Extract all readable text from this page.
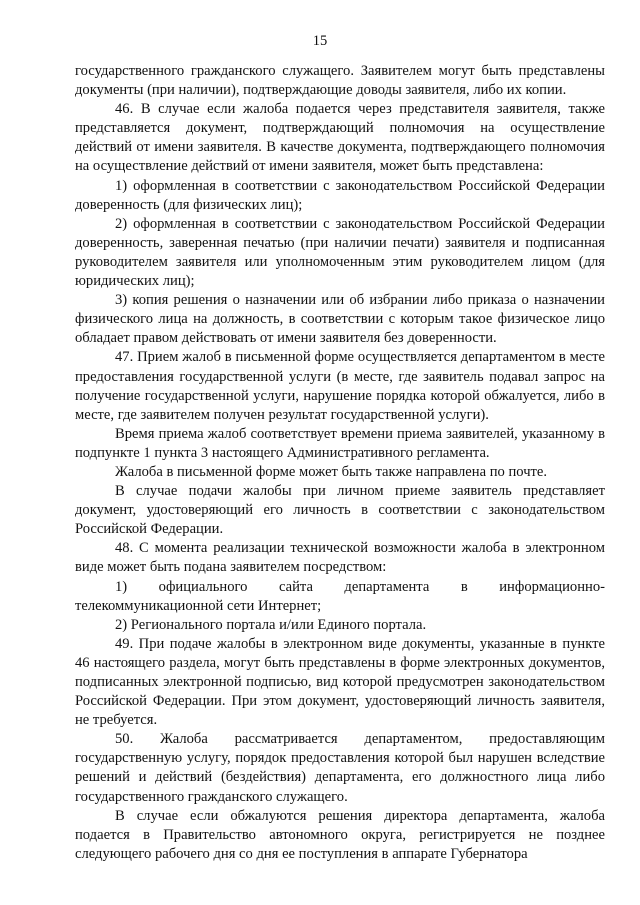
15

государственного гражданского служащего. Заявителем могут быть представлены документы (при наличии), подтверждающие доводы заявителя, либо их копии.

46. В случае если жалоба подается через представителя заявителя, также представляется документ, подтверждающий полномочия на осуществление действий от имени заявителя. В качестве документа, подтверждающего полномочия на осуществление действий от имени заявителя, может быть представлена:

1) оформленная в соответствии с законодательством Российской Федерации доверенность (для физических лиц);

2) оформленная в соответствии с законодательством Российской Федерации доверенность, заверенная печатью (при наличии печати) заявителя и подписанная руководителем заявителя или уполномоченным этим руководителем лицом (для юридических лиц);

3) копия решения о назначении или об избрании либо приказа о назначении физического лица на должность, в соответствии с которым такое физическое лицо обладает правом действовать от имени заявителя без доверенности.

47. Прием жалоб в письменной форме осуществляется департаментом в месте предоставления государственной услуги (в месте, где заявитель подавал запрос на получение государственной услуги, нарушение порядка которой обжалуется, либо в месте, где заявителем получен результат государственной услуги).

Время приема жалоб соответствует времени приема заявителей, указанному в подпункте 1 пункта 3 настоящего Административного регламента.

Жалоба в письменной форме может быть также направлена по почте.

В случае подачи жалобы при личном приеме заявитель представляет документ, удостоверяющий его личность в соответствии с законодательством Российской Федерации.

48. С момента реализации технической возможности жалоба в электронном виде может быть подана заявителем посредством:

1) официального сайта департамента в информационно-телекоммуникационной сети Интернет;

2) Регионального портала и/или Единого портала.

49. При подаче жалобы в электронном виде документы, указанные в пункте 46 настоящего раздела, могут быть представлены в форме электронных документов, подписанных электронной подписью, вид которой предусмотрен законодательством Российской Федерации. При этом документ, удостоверяющий личность заявителя, не требуется.

50. Жалоба рассматривается департаментом, предоставляющим государственную услугу, порядок предоставления которой был нарушен вследствие решений и действий (бездействия) департамента, его должностного лица либо государственного гражданского служащего.

В случае если обжалуются решения директора департамента, жалоба подается в Правительство автономного округа, регистрируется не позднее следующего рабочего дня со дня ее поступления в аппарате Губернатора
